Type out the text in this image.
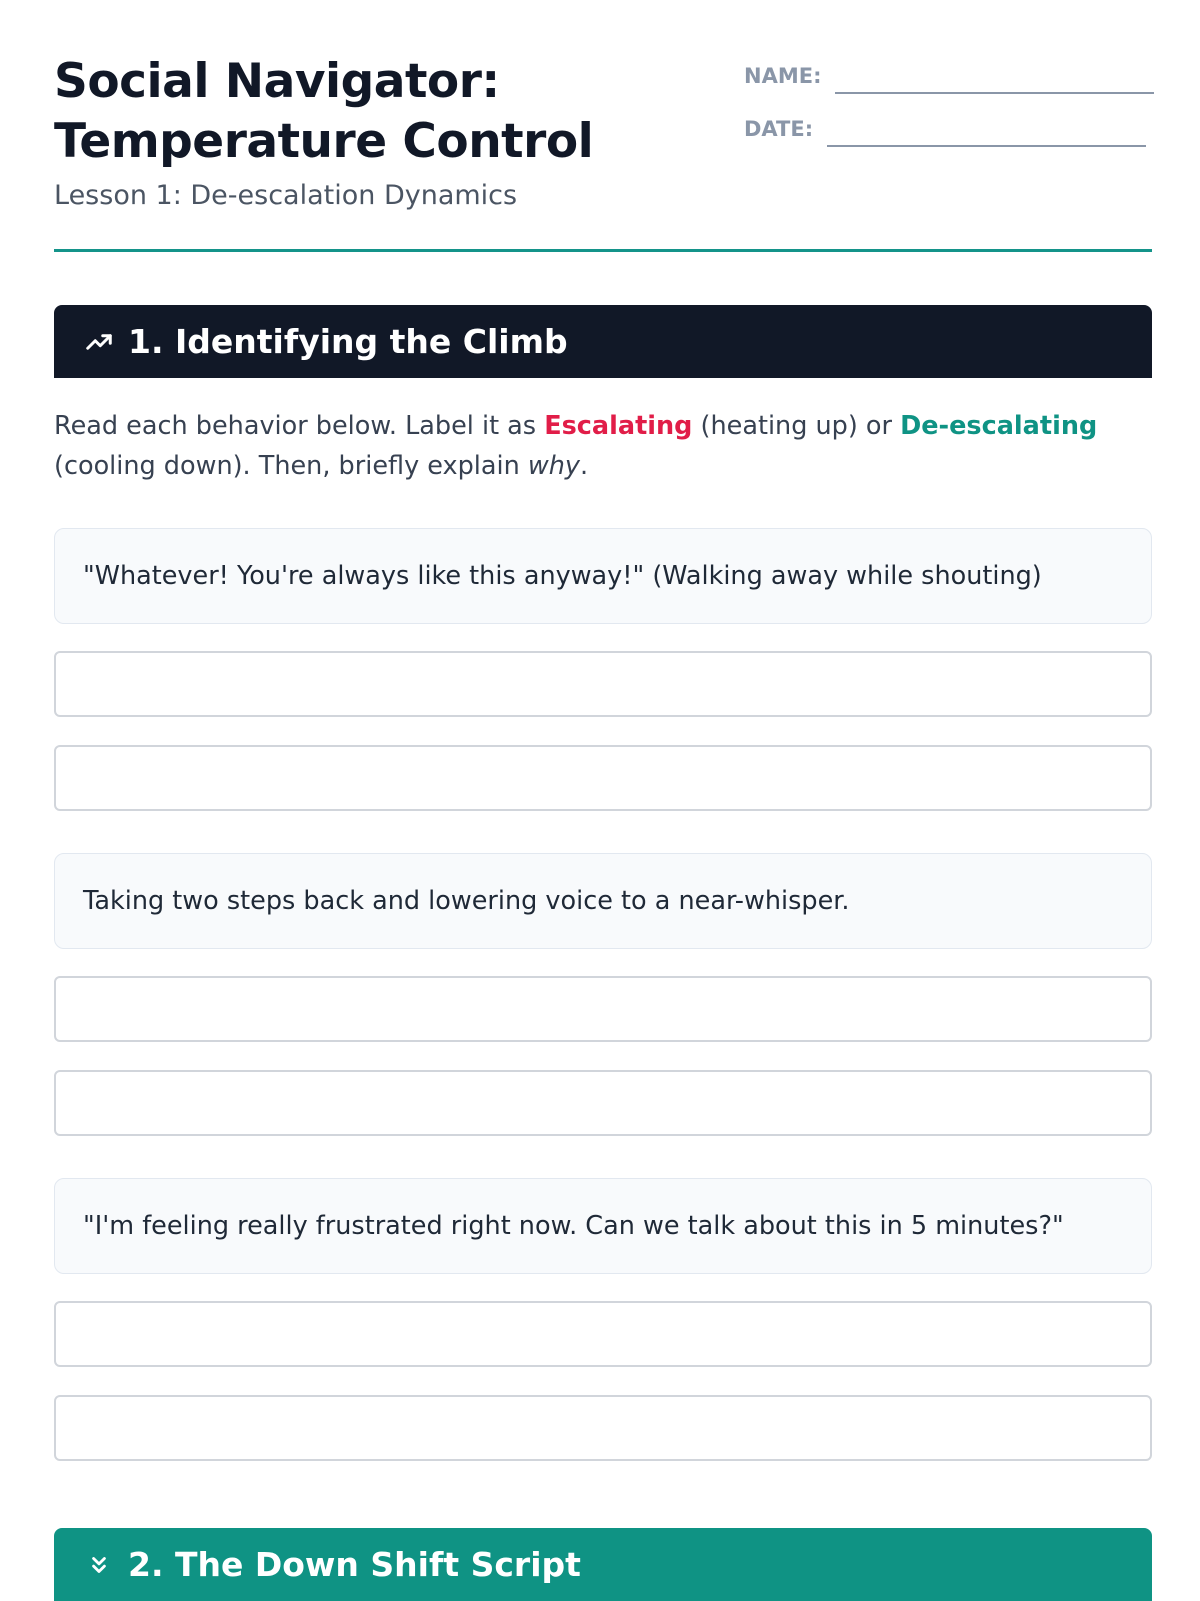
Social Navigator: Temperature Control

Lesson 1: De-escalation Dynamics

NAME:
DATE:
1. Identifying the Climb

Read each behavior below. Label it as Escalating (heating up) or De-escalating (cooling down). Then, briefly explain why.

"Whatever! You're always like this anyway!" (Walking away while shouting)
Taking two steps back and lowering voice to a near-whisper.
"I'm feeling really frustrated right now. Can we talk about this in 5 minutes?"
2. The Down Shift Script
